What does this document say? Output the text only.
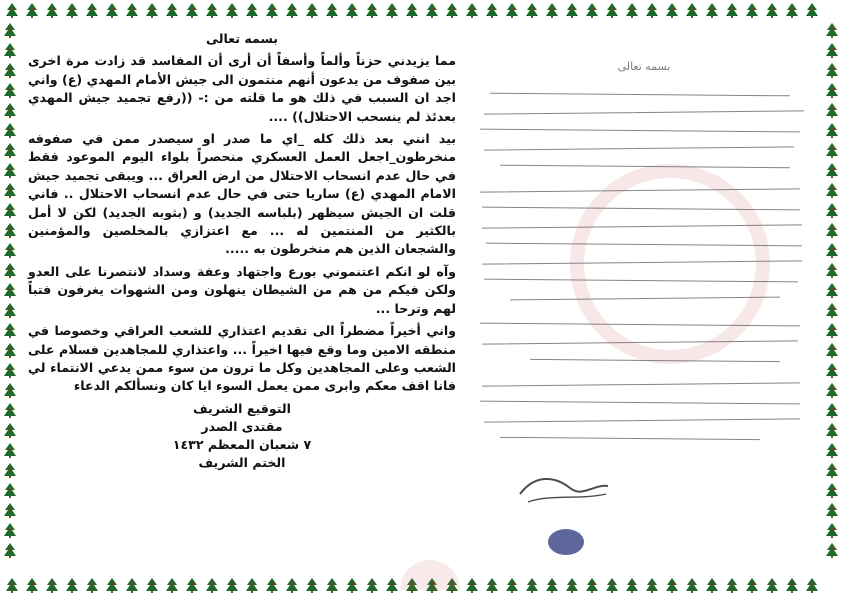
بسمه تعالى

مما يزيدني حزناً وألماً وأسفاً أن أرى أن المفاسد قد زادت مرة اخرى بين صفوف من يدعون أنهم منتمون الى جيش الأمام المهدي (ع) واني اجد ان السبب في ذلك هو ما قلته من :- ((رفع تجميد جيش المهدي بعدئذ لم ينسحب الاحتلال)) ....

بيد انني بعد ذلك كله _اي ما صدر او سيصدر ممن في صفوفه منخرطون_اجعل العمل العسكري منحصراً بلواء اليوم الموعود فقط في حال عدم انسحاب الاحتلال من ارض العراق ... ويبقى تجميد جيش الامام المهدي (ع) ساريا حتى في حال عدم انسحاب الاحتلال .. فاني قلت ان الجيش سيظهر (بلباسه الجديد) و (بثوبه الجديد) لكن لا أمل بالكثير من المنتمين له ... مع اعتزازي بالمخلصين والمؤمنين والشجعان الذين هم منخرطون به .....

وآه لو انكم اعتنموني بورع واجتهاد وعفة وسداد لانتصرنا على العدو ولكن فيكم من هم من الشيطان ينهلون ومن الشهوات يغرفون فتباً لهم وترحا ...

واني أخيراً مضطراً الى تقديم اعتذاري للشعب العراقي وخصوصا في منطقه الامين وما وقع فيها اخيراً ... واعتذاري للمجاهدين فسلام على الشعب وعلى المجاهدين وكل ما ترون من سوء ممن يدعي الانتماء لي فانا اقف معكم وابرى ممن يعمل السوء ايا كان ونسألكم الدعاء

التوقيع الشريف
مقتدى الصدر
٧ شعبان المعظم ١٤٣٢
الختم الشريف
بسمه تعالى
